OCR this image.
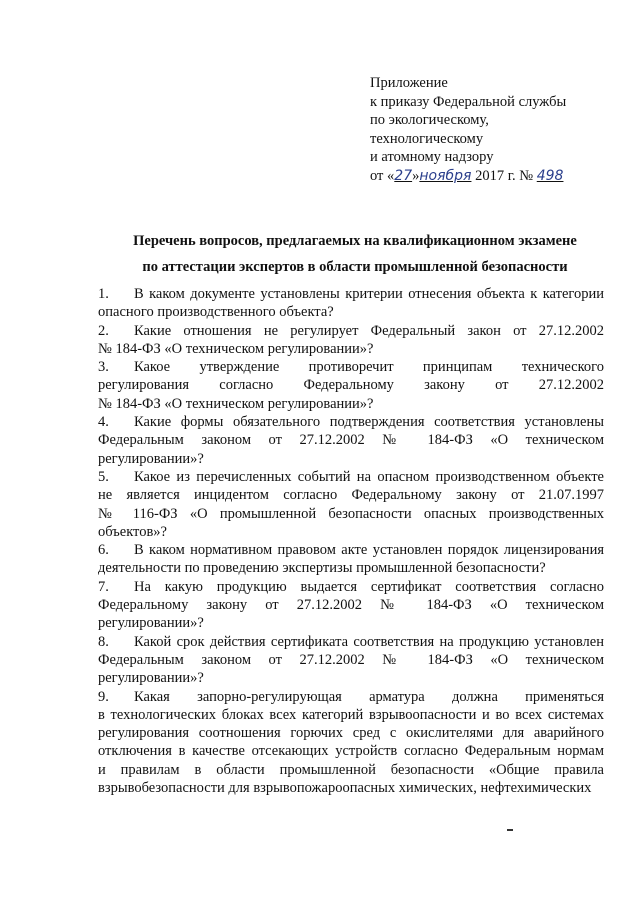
Приложение
к приказу Федеральной службы
по экологическому,
технологическому
и атомному надзору
от «27»ноября 2017 г. № 498
Перечень вопросов, предлагаемых на квалификационном экзамене
по аттестации экспертов в области промышленной безопасности
1. В каком документе установлены критерии отнесения объекта к категории
опасного производственного объекта?
2. Какие отношения не регулирует Федеральный закон от 27.12.2002
№ 184-ФЗ «О техническом регулировании»?
3. Какое утверждение противоречит принципам технического
регулирования согласно Федеральному закону от 27.12.2002
№ 184-ФЗ «О техническом регулировании»?
4. Какие формы обязательного подтверждения соответствия установлены
Федеральным законом от 27.12.2002 № 184-ФЗ «О техническом
регулировании»?
5. Какое из перечисленных событий на опасном производственном объекте
не является инцидентом согласно Федеральному закону от 21.07.1997
№ 116-ФЗ «О промышленной безопасности опасных производственных
объектов»?
6. В каком нормативном правовом акте установлен порядок лицензирования
деятельности по проведению экспертизы промышленной безопасности?
7. На какую продукцию выдается сертификат соответствия согласно
Федеральному закону от 27.12.2002 № 184-ФЗ «О техническом
регулировании»?
8. Какой срок действия сертификата соответствия на продукцию установлен
Федеральным законом от 27.12.2002 № 184-ФЗ «О техническом
регулировании»?
9. Какая запорно-регулирующая арматура должна применяться
в технологических блоках всех категорий взрывоопасности и во всех системах
регулирования соотношения горючих сред с окислителями для аварийного
отключения в качестве отсекающих устройств согласно Федеральным нормам
и правилам в области промышленной безопасности «Общие правила
взрывобезопасности для взрывопожароопасных химических, нефтехимических
